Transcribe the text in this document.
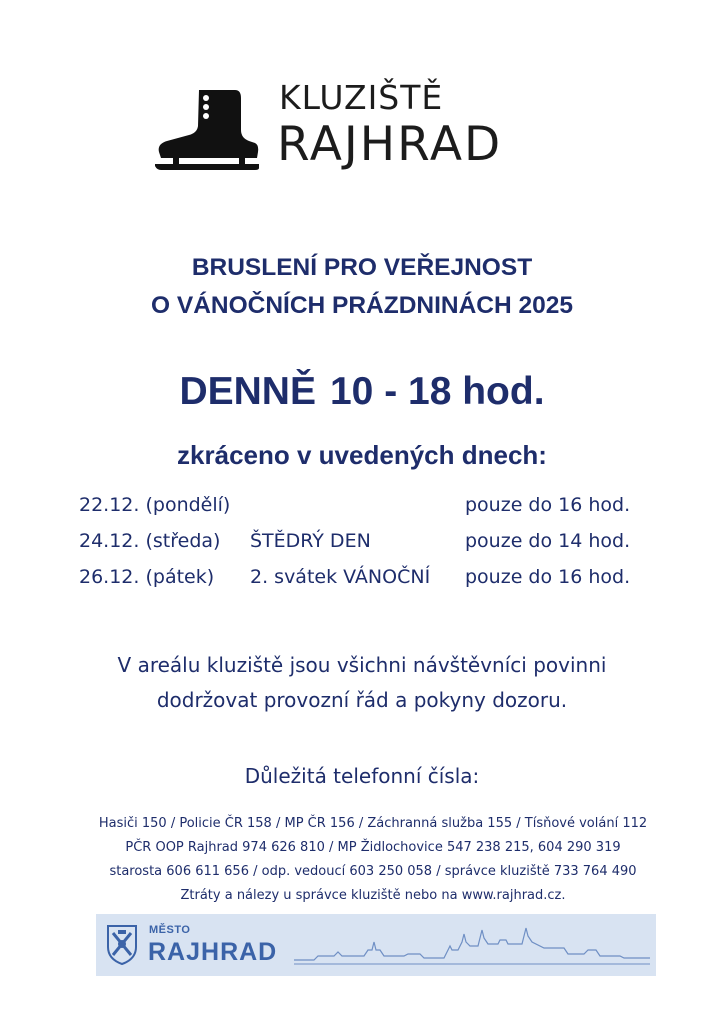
KLUZIŠTĚ
RAJHRAD
BRUSLENÍ PRO VEŘEJNOST
O VÁNOČNÍCH PRÁZDNINÁCH 2025
DENNĚ 10 - 18 hod.
zkráceno v uvedených dnech:
22.12. (pondělí)	pouze do 16 hod.
24.12. (středa) ŠTĚDRÝ DEN	pouze do 14 hod.
26.12. (pátek) 2. svátek VÁNOČNÍ pouze do 16 hod.
V areálu kluziště jsou všichni návštěvníci povinni
dodržovat provozní řád a pokyny dozoru.
Důležitá telefonní čísla:
Hasiči 150 / Policie ČR 158 / MP ČR 156 / Záchranná služba 155 / Tísňové volání 112
PČR OOP Rajhrad 974 626 810 / MP Židlochovice 547 238 215, 604 290 319
starosta 606 611 656 / odp. vedoucí 603 250 058 / správce kluziště 733 764 490
Ztráty a nálezy u správce kluziště nebo na www.rajhrad.cz.
MĚSTO
RAJHRAD
